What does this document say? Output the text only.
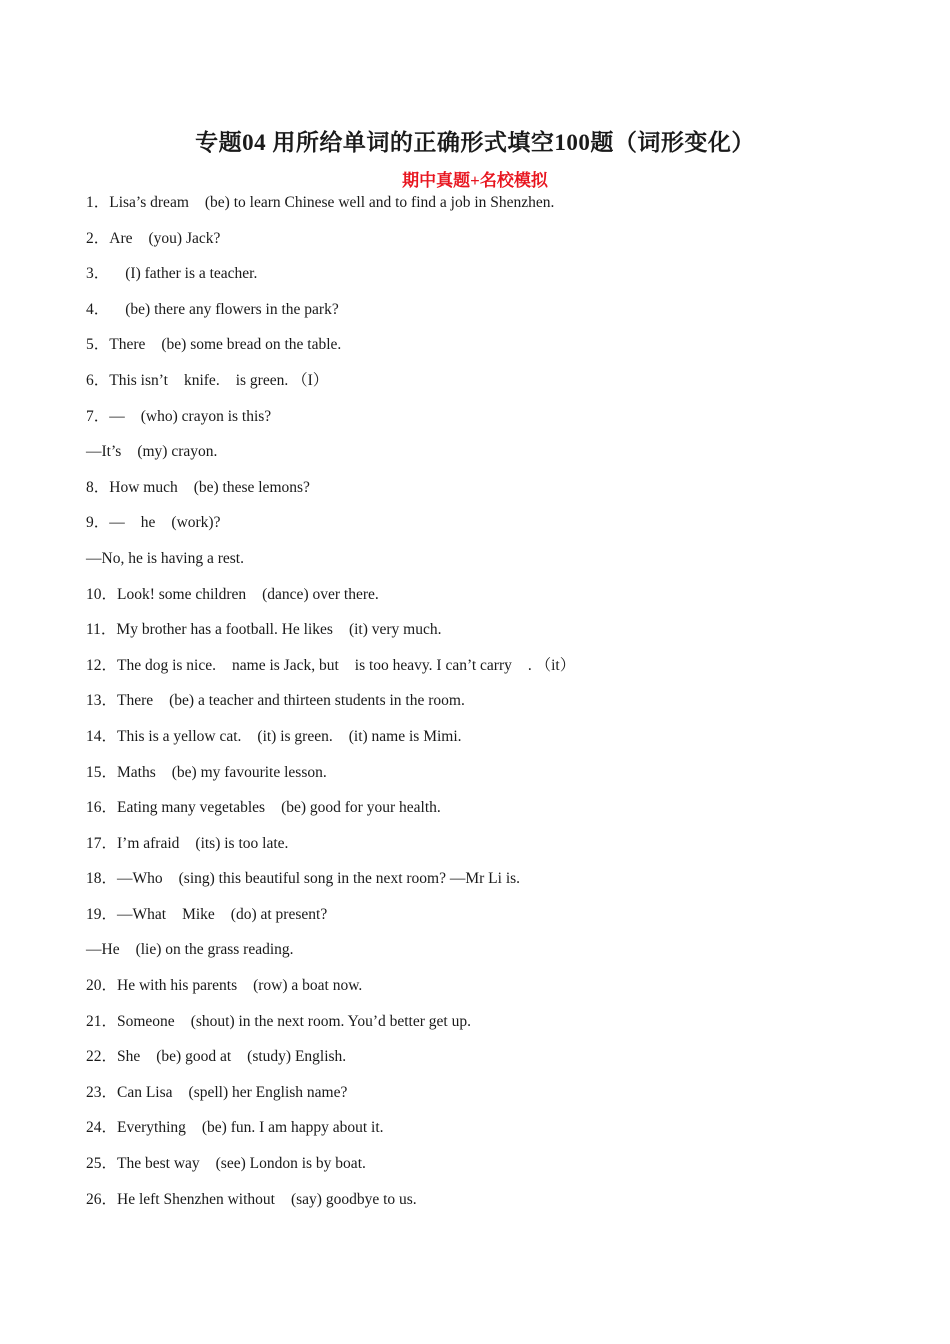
专题04 用所给单词的正确形式填空100题（词形变化）
期中真题+名校模拟
1．Lisa’s dream (be) to learn Chinese well and to find a job in Shenzhen.
2．Are (you) Jack?
3． (I) father is a teacher.
4． (be) there any flowers in the park?
5．There (be) some bread on the table.
6．This isn’t knife. is green. （I）
7．— (who) crayon is this?
—It’s (my) crayon.
8．How much (be) these lemons?
9．— he (work)?
—No, he is having a rest.
10．Look! some children (dance) over there.
11．My brother has a football. He likes (it) very much.
12．The dog is nice. name is Jack, but is too heavy. I can’t carry . （it）
13．There (be) a teacher and thirteen students in the room.
14．This is a yellow cat. (it) is green. (it) name is Mimi.
15．Maths (be) my favourite lesson.
16．Eating many vegetables (be) good for your health.
17．I’m afraid (its) is too late.
18．—Who (sing) this beautiful song in the next room? —Mr Li is.
19．—What Mike (do) at present?
—He (lie) on the grass reading.
20．He with his parents (row) a boat now.
21．Someone (shout) in the next room. You’d better get up.
22．She (be) good at (study) English.
23．Can Lisa (spell) her English name?
24．Everything (be) fun. I am happy about it.
25．The best way (see) London is by boat.
26．He left Shenzhen without (say) goodbye to us.
